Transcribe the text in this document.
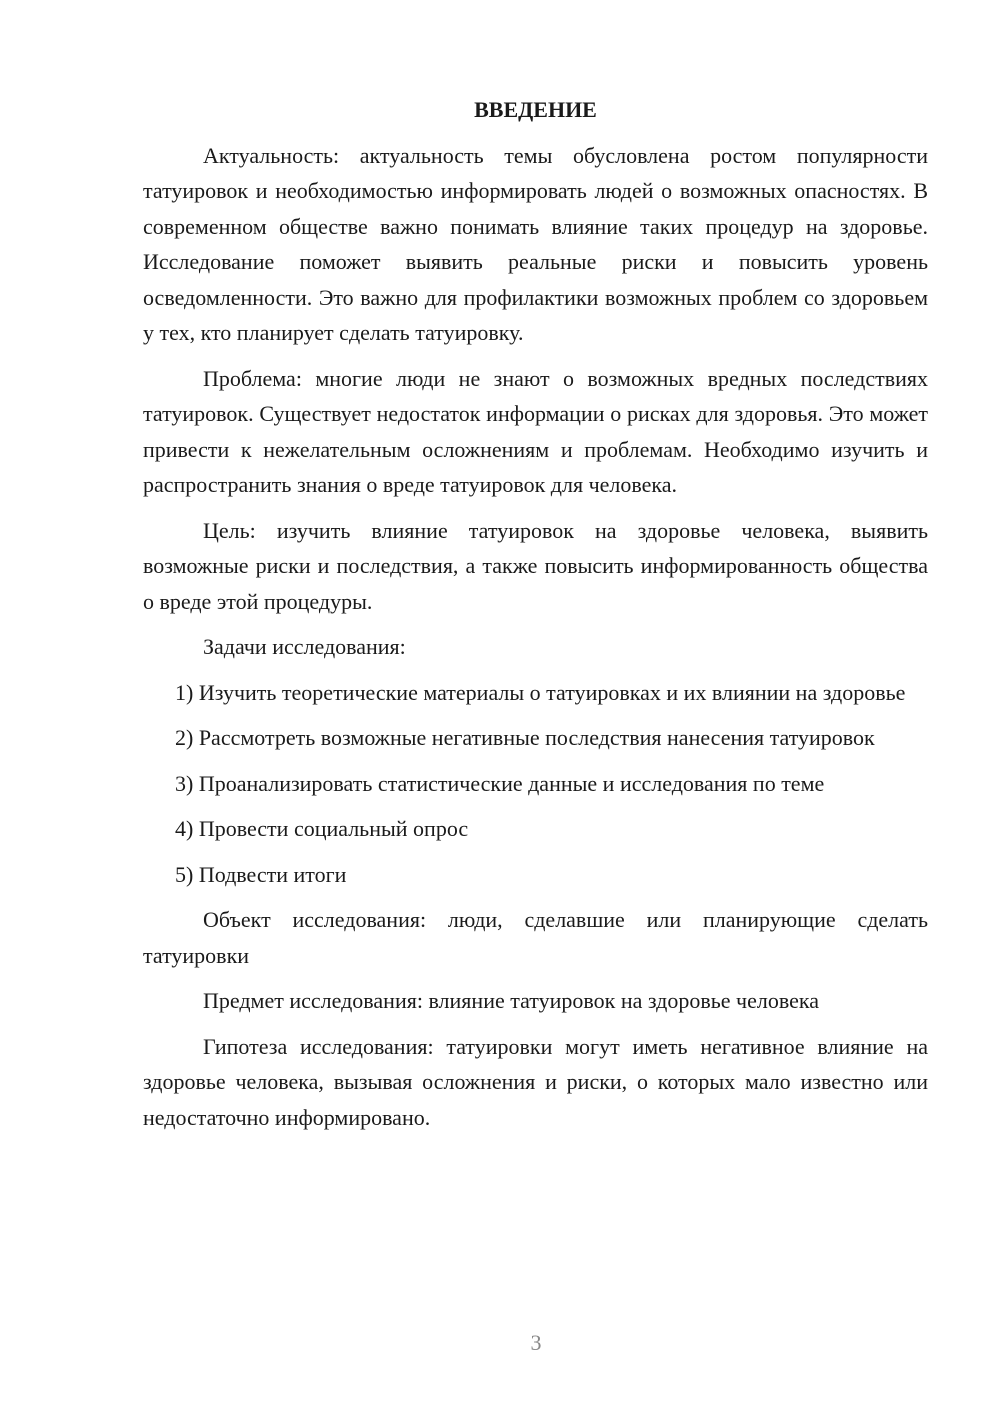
ВВЕДЕНИЕ

Актуальность: актуальность темы обусловлена ростом популярности татуировок и необходимостью информировать людей о возможных опасностях. В современном обществе важно понимать влияние таких процедур на здоровье. Исследование поможет выявить реальные риски и повысить уровень осведомленности. Это важно для профилактики возможных проблем со здоровьем у тех, кто планирует сделать татуировку.

Проблема: многие люди не знают о возможных вредных последствиях татуировок. Существует недостаток информации о рисках для здоровья. Это может привести к нежелательным осложнениям и проблемам. Необходимо изучить и распространить знания о вреде татуировок для человека.

Цель: изучить влияние татуировок на здоровье человека, выявить возможные риски и последствия, а также повысить информированность общества о вреде этой процедуры.

Задачи исследования:

1) Изучить теоретические материалы о татуировках и их влиянии на здоровье

2) Рассмотреть возможные негативные последствия нанесения татуировок

3) Проанализировать статистические данные и исследования по теме

4) Провести социальный опрос

5) Подвести итоги

Объект исследования: люди, сделавшие или планирующие сделать татуировки

Предмет исследования: влияние татуировок на здоровье человека

Гипотеза исследования: татуировки могут иметь негативное влияние на здоровье человека, вызывая осложнения и риски, о которых мало известно или недостаточно информировано.

3
